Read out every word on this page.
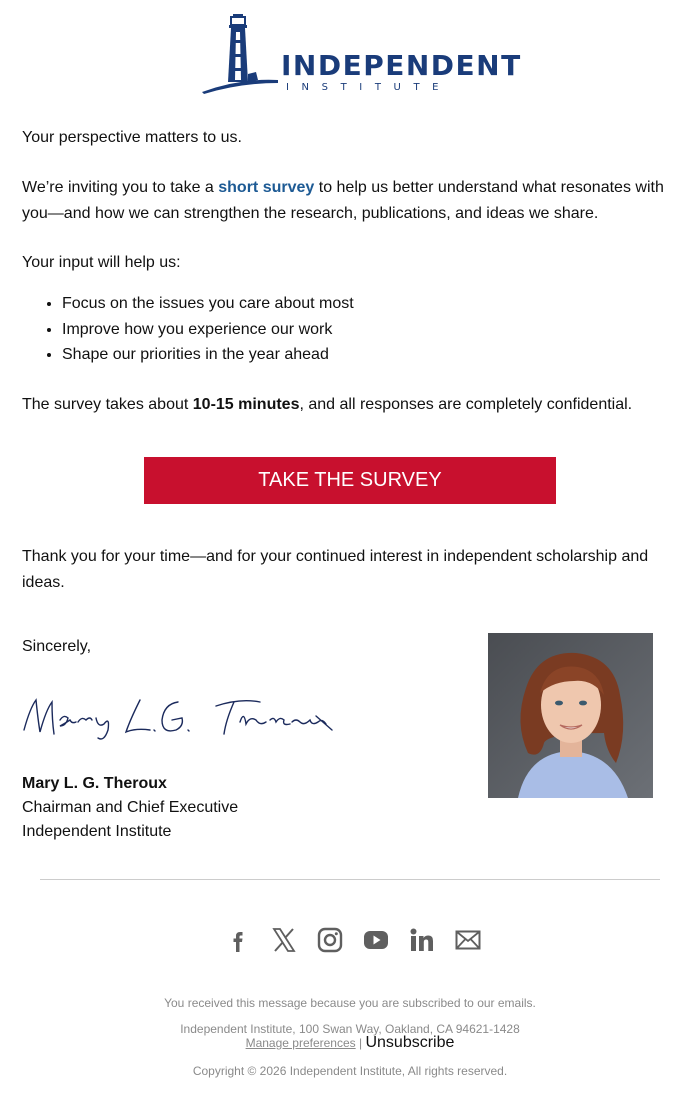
INDEPENDENT
INSTITUTE

Your perspective matters to us.

We’re inviting you to take a short survey to help us better understand what resonates with you—and how we can strengthen the research, publications, and ideas we share.

Your input will help us:

• Focus on the issues you care about most
• Improve how you experience our work
• Shape our priorities in the year ahead

The survey takes about 10-15 minutes, and all responses are completely confidential.

TAKE THE SURVEY

Thank you for your time—and for your continued interest in independent scholarship and ideas.

Sincerely,

Mary L. G. Theroux

Chairman and Chief Executive

Independent Institute

You received this message because you are subscribed to our emails.

Independent Institute, 100 Swan Way, Oakland, CA 94621-1428

Manage preferences | Unsubscribe

Copyright © 2026 Independent Institute, All rights reserved.
